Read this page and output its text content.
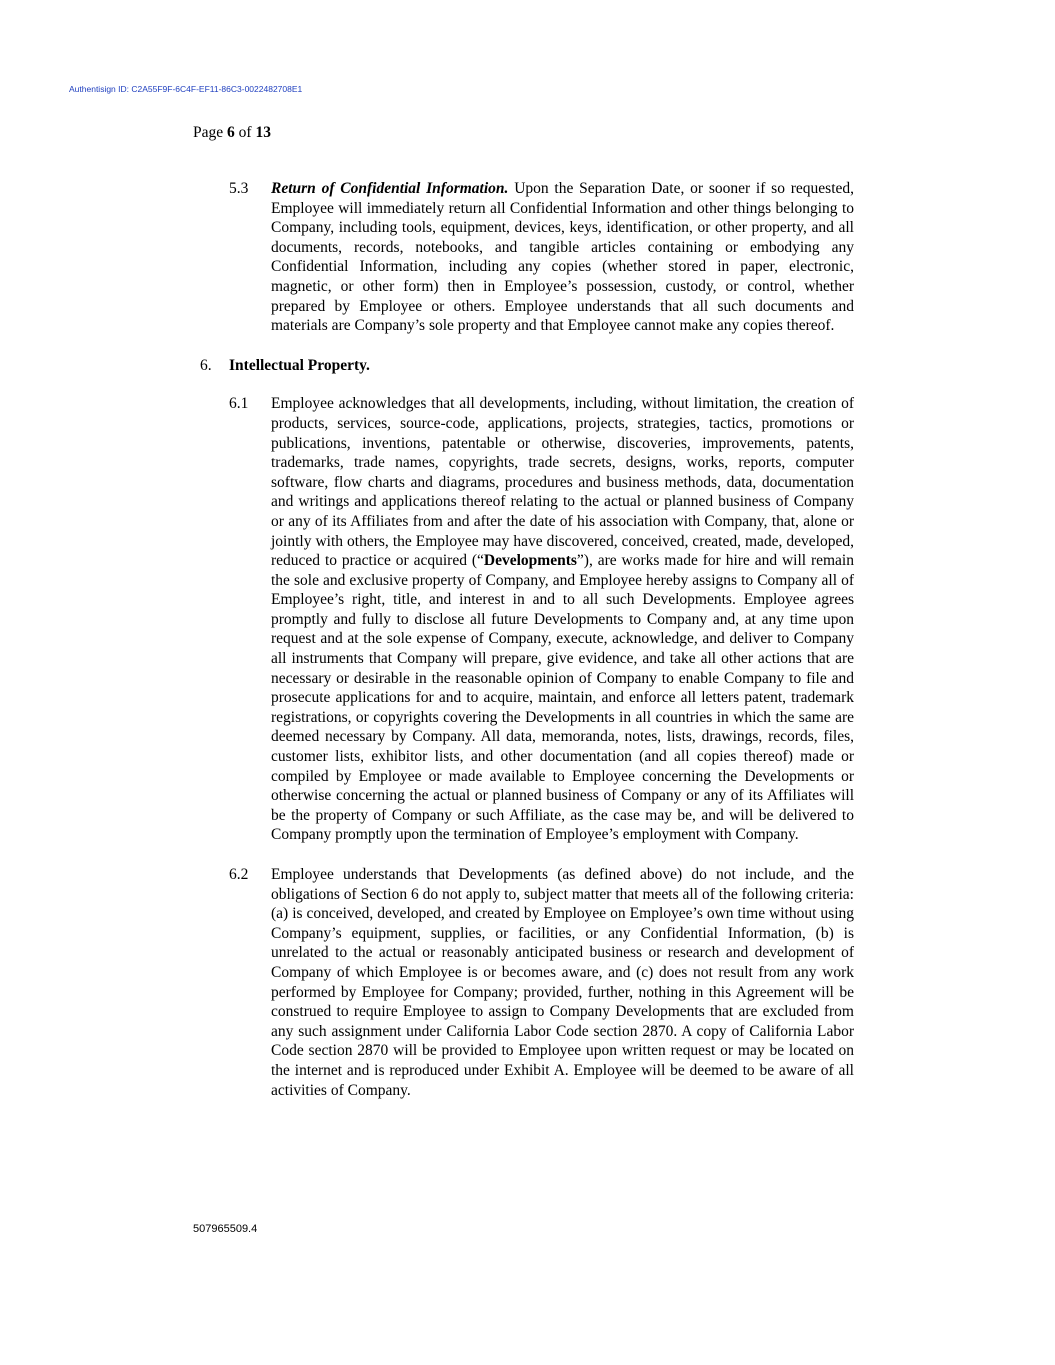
Authentisign ID: C2A55F9F-6C4F-EF11-86C3-0022482708E1
Page 6 of 13
5.3 Return of Confidential Information. Upon the Separation Date, or sooner if so requested, Employee will immediately return all Confidential Information and other things belonging to Company, including tools, equipment, devices, keys, identification, or other property, and all documents, records, notebooks, and tangible articles containing or embodying any Confidential Information, including any copies (whether stored in paper, electronic, magnetic, or other form) then in Employee’s possession, custody, or control, whether prepared by Employee or others. Employee understands that all such documents and materials are Company’s sole property and that Employee cannot make any copies thereof.
6. Intellectual Property.
6.1 Employee acknowledges that all developments, including, without limitation, the creation of products, services, source-code, applications, projects, strategies, tactics, promotions or publications, inventions, patentable or otherwise, discoveries, improvements, patents, trademarks, trade names, copyrights, trade secrets, designs, works, reports, computer software, flow charts and diagrams, procedures and business methods, data, documentation and writings and applications thereof relating to the actual or planned business of Company or any of its Affiliates from and after the date of his association with Company, that, alone or jointly with others, the Employee may have discovered, conceived, created, made, developed, reduced to practice or acquired (“Developments”), are works made for hire and will remain the sole and exclusive property of Company, and Employee hereby assigns to Company all of Employee’s right, title, and interest in and to all such Developments. Employee agrees promptly and fully to disclose all future Developments to Company and, at any time upon request and at the sole expense of Company, execute, acknowledge, and deliver to Company all instruments that Company will prepare, give evidence, and take all other actions that are necessary or desirable in the reasonable opinion of Company to enable Company to file and prosecute applications for and to acquire, maintain, and enforce all letters patent, trademark registrations, or copyrights covering the Developments in all countries in which the same are deemed necessary by Company. All data, memoranda, notes, lists, drawings, records, files, customer lists, exhibitor lists, and other documentation (and all copies thereof) made or compiled by Employee or made available to Employee concerning the Developments or otherwise concerning the actual or planned business of Company or any of its Affiliates will be the property of Company or such Affiliate, as the case may be, and will be delivered to Company promptly upon the termination of Employee’s employment with Company.
6.2 Employee understands that Developments (as defined above) do not include, and the obligations of Section 6 do not apply to, subject matter that meets all of the following criteria: (a) is conceived, developed, and created by Employee on Employee’s own time without using Company’s equipment, supplies, or facilities, or any Confidential Information, (b) is unrelated to the actual or reasonably anticipated business or research and development of Company of which Employee is or becomes aware, and (c) does not result from any work performed by Employee for Company; provided, further, nothing in this Agreement will be construed to require Employee to assign to Company Developments that are excluded from any such assignment under California Labor Code section 2870. A copy of California Labor Code section 2870 will be provided to Employee upon written request or may be located on the internet and is reproduced under Exhibit A. Employee will be deemed to be aware of all activities of Company.
507965509.4
